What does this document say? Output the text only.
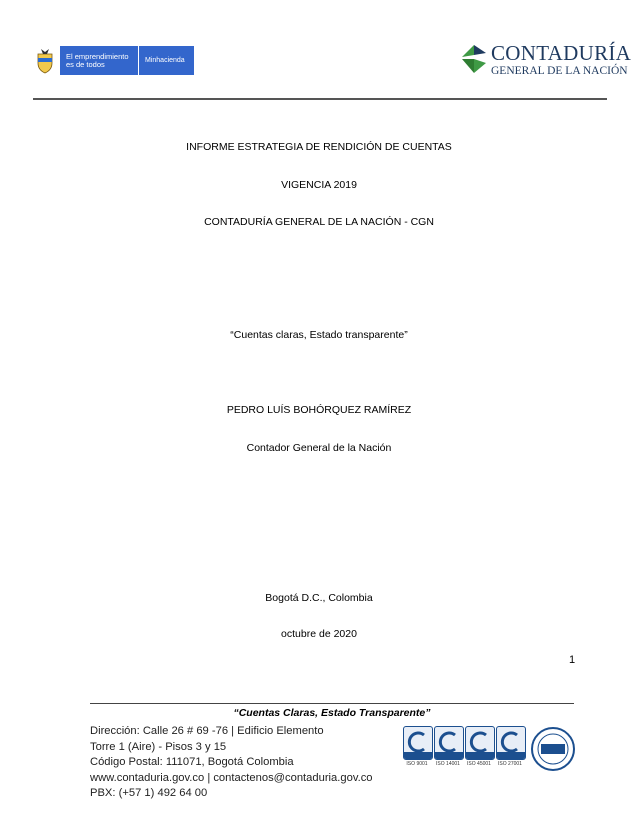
El emprendimiento
es de todos	Minhacienda	CONTADURÍA
GENERAL DE LA NACIÓN
INFORME ESTRATEGIA DE RENDICIÓN DE CUENTAS
VIGENCIA 2019
CONTADURÍA GENERAL DE LA NACIÓN - CGN
“Cuentas claras, Estado transparente”
PEDRO LUÍS BOHÓRQUEZ RAMÍREZ
Contador General de la Nación
Bogotá D.C., Colombia
octubre de 2020
1
“Cuentas Claras, Estado Transparente”
Dirección: Calle 26 # 69 -76 | Edificio Elemento
Torre 1 (Aire) - Pisos 3 y 15
Código Postal: 111071, Bogotá Colombia
www.contaduria.gov.co | contactenos@contaduria.gov.co
PBX: (+57 1) 492 64 00
ISO 9001	ISO 14001	ISO 45001	ISO 27001
